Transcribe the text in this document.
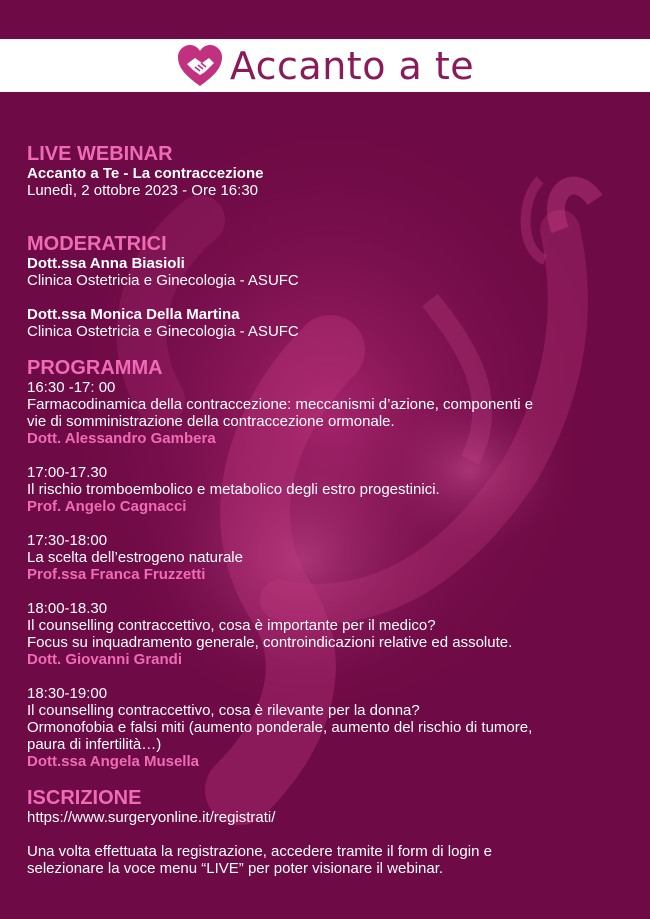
Accanto a te

LIVE WEBINAR

Accanto a Te - La contraccezione

Lunedì, 2 ottobre 2023 - Ore 16:30

MODERATRICI

Dott.ssa Anna Biasioli

Clinica Ostetricia e Ginecologia - ASUFC

Dott.ssa Monica Della Martina

Clinica Ostetricia e Ginecologia - ASUFC

PROGRAMMA

16:30 -17: 00

Farmacodinamica della contraccezione: meccanismi d’azione, componenti e

vie di somministrazione della contraccezione ormonale.

Dott. Alessandro Gambera

17:00-17.30

Il rischio tromboembolico e metabolico degli estro progestinici.

Prof. Angelo Cagnacci

17:30-18:00

La scelta dell’estrogeno naturale

Prof.ssa Franca Fruzzetti

18:00-18.30

Il counselling contraccettivo, cosa è importante per il medico?

Focus su inquadramento generale, controindicazioni relative ed assolute.

Dott. Giovanni Grandi

18:30-19:00

Il counselling contraccettivo, cosa è rilevante per la donna?

Ormonofobia e falsi miti (aumento ponderale, aumento del rischio di tumore,

paura di infertilità…)

Dott.ssa Angela Musella

ISCRIZIONE

https://www.surgeryonline.it/registrati/

Una volta effettuata la registrazione, accedere tramite il form di login e

selezionare la voce menu “LIVE” per poter visionare il webinar.
